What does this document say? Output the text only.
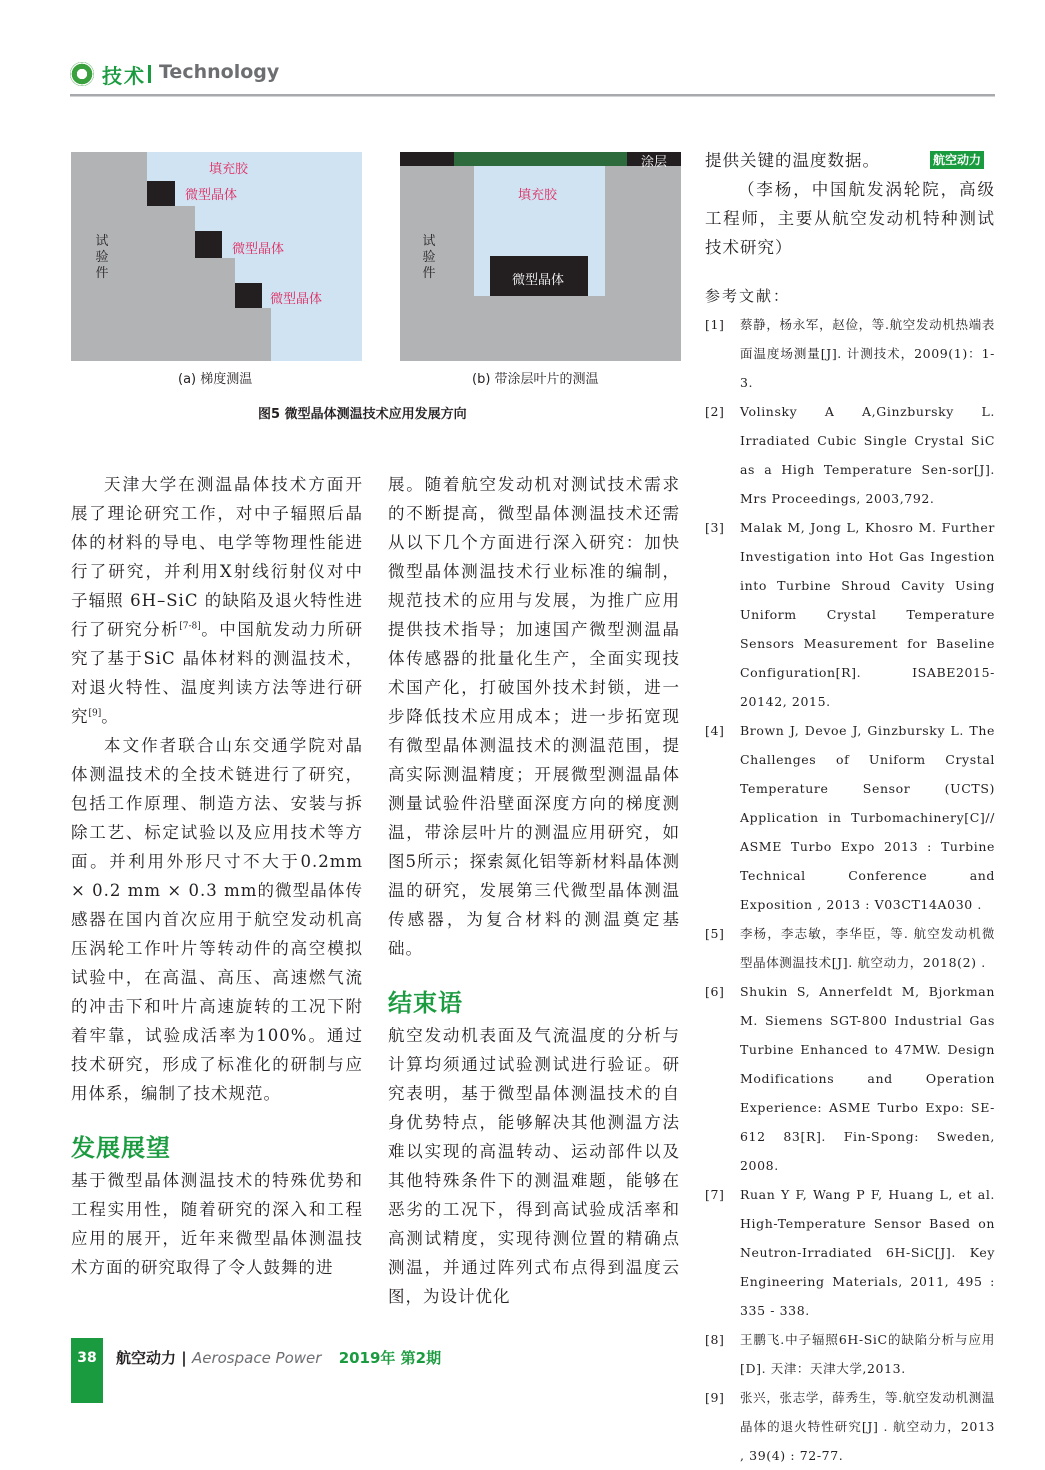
技术 Technology
填充胶
微型晶体
微型晶体
微型晶体
试验件
(a) 梯度测温
涂层
填充胶
微型晶体
试验件
(b) 带涂层叶片的测温
图5 微型晶体测温技术应用发展方向

天津大学在测温晶体技术方面开展了理论研究工作，对中子辐照后晶体的材料的导电、电学等物理性能进行了研究，并利用X射线衍射仪对中子辐照 6H–SiC 的缺陷及退火特性进行了研究分析[7-8]。中国航发动力所研究了基于SiC 晶体材料的测温技术，对退火特性、温度判读方法等进行研究[9]。

本文作者联合山东交通学院对晶体测温技术的全技术链进行了研究，包括工作原理、制造方法、安装与拆除工艺、标定试验以及应用技术等方面。并利用外形尺寸不大于0.2mm × 0.2 mm × 0.3 mm的微型晶体传感器在国内首次应用于航空发动机高压涡轮工作叶片等转动件的高空模拟试验中，在高温、高压、高速燃气流的冲击下和叶片高速旋转的工况下附着牢靠，试验成活率为100%。通过技术研究，形成了标准化的研制与应用体系，编制了技术规范。

发展展望

基于微型晶体测温技术的特殊优势和工程实用性，随着研究的深入和工程应用的展开，近年来微型晶体测温技术方面的研究取得了令人鼓舞的进

展。随着航空发动机对测试技术需求的不断提高，微型晶体测温技术还需从以下几个方面进行深入研究：加快微型晶体测温技术行业标准的编制，规范技术的应用与发展，为推广应用提供技术指导；加速国产微型测温晶体传感器的批量化生产，全面实现技术国产化，打破国外技术封锁，进一步降低技术应用成本；进一步拓宽现有微型晶体测温技术的测温范围，提高实际测温精度；开展微型测温晶体测量试验件沿壁面深度方向的梯度测温，带涂层叶片的测温应用研究，如图5所示；探索氮化铝等新材料晶体测温的研究，发展第三代微型晶体测温传感器，为复合材料的测温奠定基础。

结束语

航空发动机表面及气流温度的分析与计算均须通过试验测试进行验证。研究表明，基于微型晶体测温技术的自身优势特点，能够解决其他测温方法难以实现的高温转动、运动部件以及其他特殊条件下的测温难题，能够在恶劣的工况下，得到高试验成活率和高测试精度，实现待测位置的精确点测温，并通过阵列式布点得到温度云图，为设计优化

提供关键的温度数据。	航空动力

（李杨，中国航发涡轮院，高级工程师，主要从航空发动机特种测试技术研究）

参考文献：
[1]	蔡静，杨永军，赵俭，等.航空发动机热端表面温度场测量[J]. 计测技术，2009(1)：1-3.
[2]	Volinsky A A,Ginzbursky L. Irradiated Cubic Single Crystal SiC as a High Temperature Sen-sor[J]. Mrs Proceedings, 2003,792.
[3]	Malak M, Jong L, Khosro M. Further Investigation into Hot Gas Ingestion into Turbine Shroud Cavity Using Uniform Crystal Temperature Sensors Measurement for Baseline Configuration[R]. ISABE2015-20142, 2015.
[4]	Brown J, Devoe J, Ginzbursky L. The Challenges of Uniform Crystal Temperature Sensor (UCTS) Application in Turbomachinery[C]// ASME Turbo Expo 2013 : Turbine Technical Conference and Exposition , 2013 : V03CT14A030 .
[5]	李杨，李志敏，李华臣，等. 航空发动机微型晶体测温技术[J]. 航空动力，2018(2) .
[6]	Shukin S, Annerfeldt M, Bjorkman M. Siemens SGT-800 Industrial Gas Turbine Enhanced to 47MW. Design Modifications and Operation Experience: ASME Turbo Expo: SE-612 83[R]. Fin-Spong: Sweden, 2008.
[7]	Ruan Y F, Wang P F, Huang L, et al. High-Temperature Sensor Based on Neutron-Irradiated 6H-SiC[J]. Key Engineering Materials, 2011, 495 : 335 - 338.
[8]	王鹏飞.中子辐照6H-SiC的缺陷分析与应用[D]. 天津：天津大学,2013.
[9]	张兴，张志学，薛秀生，等.航空发动机测温晶体的退火特性研究[J] . 航空动力，2013 , 39(4) : 72-77.
38	航空动力 | Aerospace Power 2019年 第2期
